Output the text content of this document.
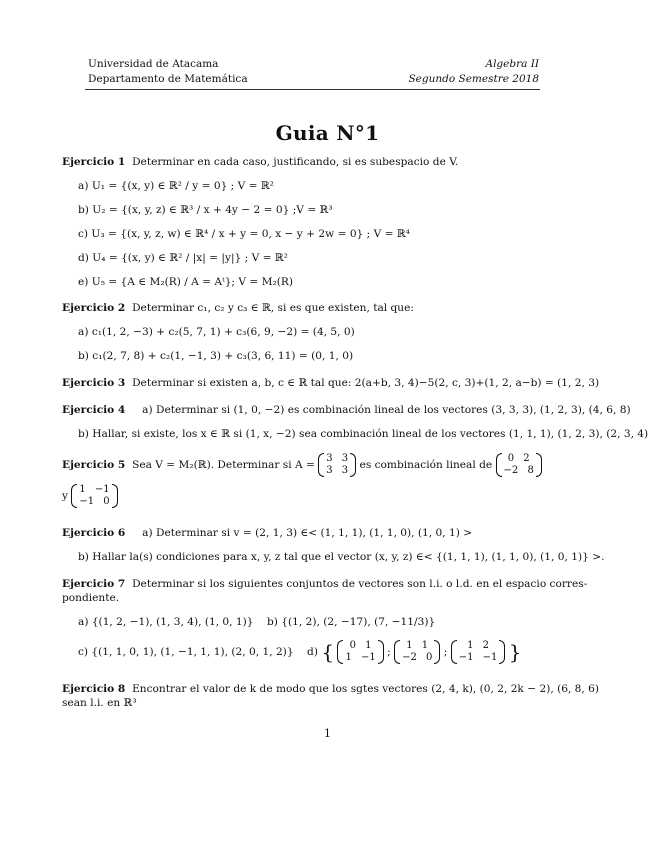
Universidad de Atacama	Algebra II
Departamento de Matemática	Segundo Semestre 2018
Guia N°1
Ejercicio 1 Determinar en cada caso, justificando, si es subespacio de V.
a) U₁ = {(x, y) ∈ ℝ² / y = 0} ; V = ℝ²
b) U₂ = {(x, y, z) ∈ ℝ³ / x + 4y − 2 = 0} ;V = ℝ³
c) U₃ = {(x, y, z, w) ∈ ℝ⁴ / x + y = 0, x − y + 2w = 0} ; V = ℝ⁴
d) U₄ = {(x, y) ∈ ℝ² / |x| = |y|} ; V = ℝ²
e) U₅ = {A ∈ M₂(R) / A = Aᵗ}; V = M₂(R)
Ejercicio 2 Determinar c₁, c₂ y c₃ ∈ ℝ, si es que existen, tal que:
a) c₁(1, 2, −3) + c₂(5, 7, 1) + c₃(6, 9, −2) = (4, 5, 0)
b) c₁(2, 7, 8) + c₂(1, −1, 3) + c₃(3, 6, 11) = (0, 1, 0)
Ejercicio 3 Determinar si existen a, b, c ∈ ℝ tal que: 2(a+b, 3, 4)−5(2, c, 3)+(1, 2, a−b) = (1, 2, 3)
Ejercicio 4 a) Determinar si (1, 0, −2) es combinación lineal de los vectores (3, 3, 3), (1, 2, 3), (4, 6, 8)
b) Hallar, si existe, los x ∈ ℝ si (1, x, −2) sea combinación lineal de los vectores (1, 1, 1), (1, 2, 3), (2, 3, 4)
Ejercicio 5 Sea V = M₂(ℝ). Determinar si A =
3 3
3 3 es combinación lineal de
0 2
−2 8
y
1 −1
−1 0
Ejercicio 6 a) Determinar si v = (2, 1, 3) ∈< (1, 1, 1), (1, 1, 0), (1, 0, 1) >
b) Hallar la(s) condiciones para x, y, z tal que el vector (x, y, z) ∈< {(1, 1, 1), (1, 1, 0), (1, 0, 1)} >.
Ejercicio 7 Determinar si los siguientes conjuntos de vectores son l.i. o l.d. en el espacio corres-
pondiente.
a) {(1, 2, −1), (1, 3, 4), (1, 0, 1)} b) {(1, 2), (2, −17), (7, −11/3)}
c) {(1, 1, 0, 1), (1, −1, 1, 1), (2, 0, 1, 2)} d) {	0 1
1 −1 ;
1 1
−2 0 ;
1 2
−1 −1 }
Ejercicio 8 Encontrar el valor de k de modo que los sgtes vectores (2, 4, k), (0, 2, 2k − 2), (6, 8, 6)
sean l.i. en ℝ³
1
